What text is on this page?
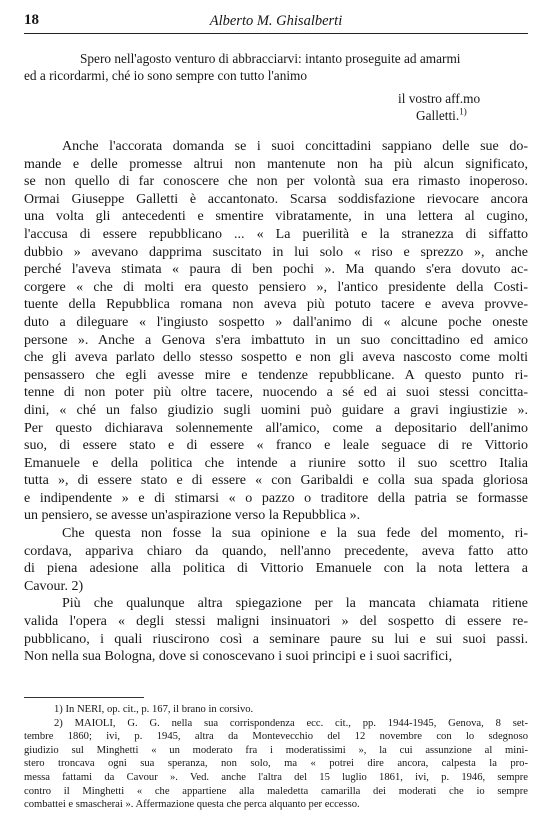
18	Alberto M. Ghisalberti
Spero nell'agosto venturo di abbracciarvi: intanto proseguite ad amarmi
ed a ricordarmi, ché io sono sempre con tutto l'animo
il vostro aff.mo
Galletti.$^{1)}$
Anche l'accorata domanda se i suoi concittadini sappiano delle sue do-
mande e delle promesse altrui non mantenute non ha più alcun significato,
se non quello di far conoscere che non per volontà sua era rimasto inoperoso.
Ormai Giuseppe Galletti è accantonato. Scarsa soddisfazione rievocare ancora
una volta gli antecedenti e smentire vibratamente, in una lettera al cugino,
l'accusa di essere repubblicano ... « La puerilità e la stranezza di siffatto
dubbio » avevano dapprima suscitato in lui solo « riso e sprezzo », anche
perché l'aveva stimata « paura di ben pochi ». Ma quando s'era dovuto ac-
corgere « che di molti era questo pensiero », l'antico presidente della Costi-
tuente della Repubblica romana non aveva più potuto tacere e aveva provve-
duto a dileguare « l'ingiusto sospetto » dall'animo di « alcune poche oneste
persone ». Anche a Genova s'era imbattuto in un suo concittadino ed amico
che gli aveva parlato dello stesso sospetto e non gli aveva nascosto come molti
pensassero che egli avesse mire e tendenze repubblicane. A questo punto ri-
tenne di non poter più oltre tacere, nuocendo a sé ed ai suoi stessi concitta-
dini, « ché un falso giudizio sugli uomini può guidare a gravi ingiustizie ».
Per questo dichiarava solennemente all'amico, come a depositario dell'animo
suo, di essere stato e di essere « franco e leale seguace di re Vittorio
Emanuele e della politica che intende a riunire sotto il suo scettro Italia
tutta », di essere stato e di essere « con Garibaldi e colla sua spada gloriosa
e indipendente » e di stimarsi « o pazzo o traditore della patria se formasse
un pensiero, se avesse un'aspirazione verso la Repubblica ».
Che questa non fosse la sua opinione e la sua fede del momento, ri-
cordava, appariva chiaro da quando, nell'anno precedente, aveva fatto atto
di piena adesione alla politica di Vittorio Emanuele con la nota lettera a
Cavour. 2)
Più che qualunque altra spiegazione per la mancata chiamata ritiene
valida l'opera « degli stessi maligni insinuatori » del sospetto di essere re-
pubblicano, i quali riuscirono così a seminare paure su lui e sui suoi passi.
Non nella sua Bologna, dove si conoscevano i suoi principi e i suoi sacrifici,
1) In NERI, op. cit., p. 167, il brano in corsivo.
2) MAIOLI, G. G. nella sua corrispondenza ecc. cit., pp. 1944-1945, Genova, 8 set-
tembre 1860; ivi, p. 1945, altra da Montevecchio del 12 novembre con lo sdegnoso
giudizio sul Minghetti « un moderato fra i moderatissimi », la cui assunzione al mini-
stero troncava ogni sua speranza, non solo, ma « potrei dire ancora, calpesta la pro-
messa fattami da Cavour ». Ved. anche l'altra del 15 luglio 1861, ivi, p. 1946, sempre
contro il Minghetti « che appartiene alla maledetta camarilla dei moderati che io sempre
combattei e smascherai ». Affermazione questa che perca alquanto per eccesso.
